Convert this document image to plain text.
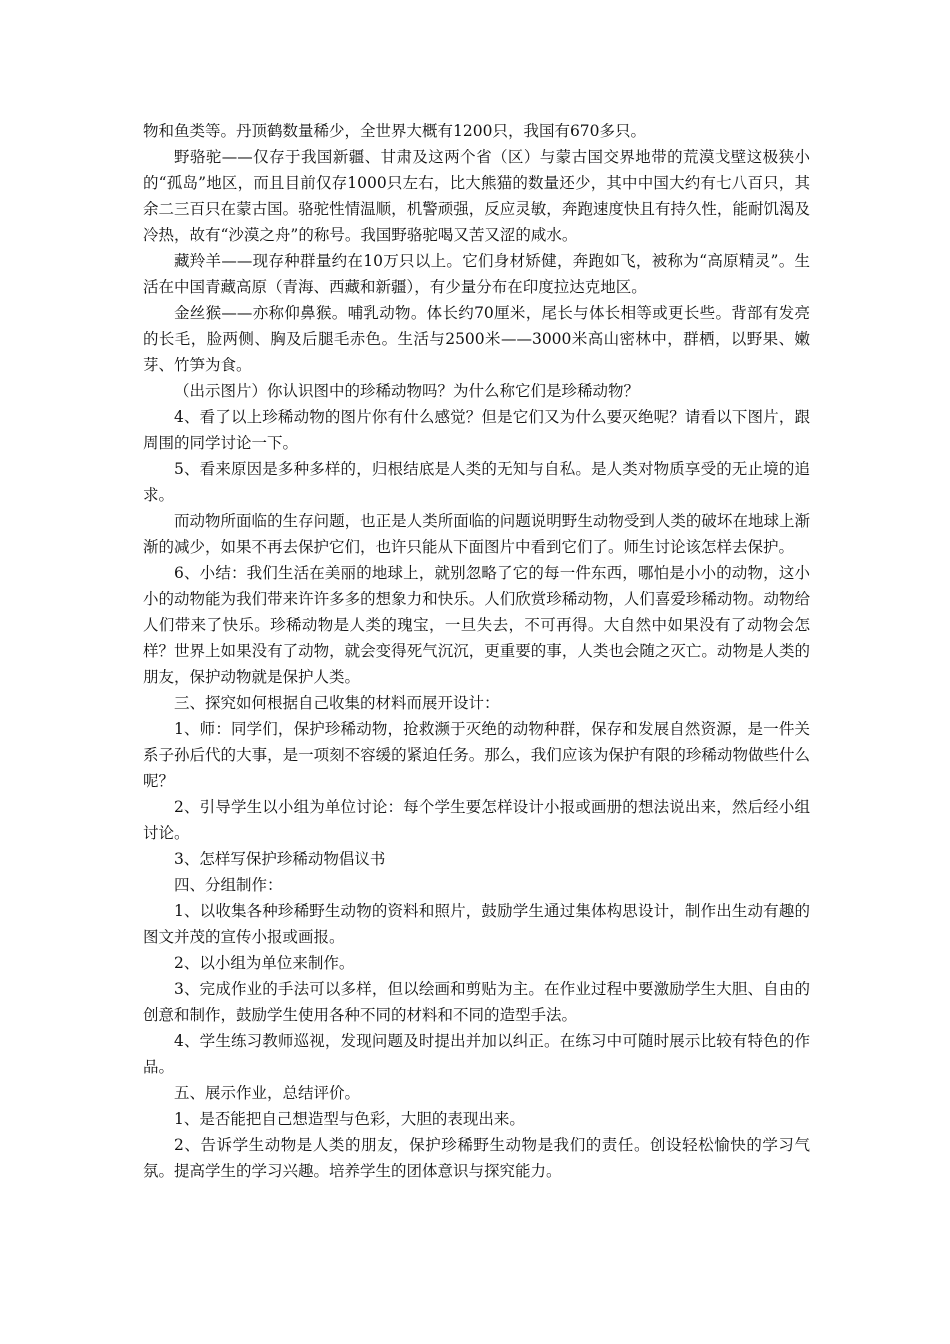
物和鱼类等。丹顶鹤数量稀少，全世界大概有1200只，我国有670多只。

野骆驼——仅存于我国新疆、甘肃及这两个省（区）与蒙古国交界地带的荒漠戈壁这极狭小的“孤岛”地区，而且目前仅存1000只左右，比大熊猫的数量还少，其中中国大约有七八百只，其余二三百只在蒙古国。骆驼性情温顺，机警顽强，反应灵敏，奔跑速度快且有持久性，能耐饥渴及冷热，故有“沙漠之舟”的称号。我国野骆驼喝又苦又涩的咸水。

藏羚羊——现存种群量约在10万只以上。它们身材矫健，奔跑如飞，被称为“高原精灵”。生活在中国青藏高原（青海、西藏和新疆），有少量分布在印度拉达克地区。

金丝猴——亦称仰鼻猴。哺乳动物。体长约70厘米，尾长与体长相等或更长些。背部有发亮的长毛，脸两侧、胸及后腿毛赤色。生活与2500米——3000米高山密林中，群栖，以野果、嫩芽、竹笋为食。

（出示图片）你认识图中的珍稀动物吗？为什么称它们是珍稀动物？

4、看了以上珍稀动物的图片你有什么感觉？但是它们又为什么要灭绝呢？请看以下图片，跟周围的同学讨论一下。

5、看来原因是多种多样的，归根结底是人类的无知与自私。是人类对物质享受的无止境的追求。

而动物所面临的生存问题，也正是人类所面临的问题说明野生动物受到人类的破坏在地球上渐渐的减少，如果不再去保护它们，也许只能从下面图片中看到它们了。师生讨论该怎样去保护。

6、小结：我们生活在美丽的地球上，就别忽略了它的每一件东西，哪怕是小小的动物，这小小的动物能为我们带来许许多多的想象力和快乐。人们欣赏珍稀动物，人们喜爱珍稀动物。动物给人们带来了快乐。珍稀动物是人类的瑰宝，一旦失去，不可再得。大自然中如果没有了动物会怎样？世界上如果没有了动物，就会变得死气沉沉，更重要的事，人类也会随之灭亡。动物是人类的朋友，保护动物就是保护人类。

三、探究如何根据自己收集的材料而展开设计：

1、师：同学们，保护珍稀动物，抢救濒于灭绝的动物种群，保存和发展自然资源，是一件关系子孙后代的大事，是一项刻不容缓的紧迫任务。那么，我们应该为保护有限的珍稀动物做些什么呢？

2、引导学生以小组为单位讨论：每个学生要怎样设计小报或画册的想法说出来，然后经小组讨论。

3、怎样写保护珍稀动物倡议书

四、分组制作：

1、以收集各种珍稀野生动物的资料和照片，鼓励学生通过集体构思设计，制作出生动有趣的图文并茂的宣传小报或画报。

2、以小组为单位来制作。

3、完成作业的手法可以多样，但以绘画和剪贴为主。在作业过程中要激励学生大胆、自由的创意和制作，鼓励学生使用各种不同的材料和不同的造型手法。

4、学生练习教师巡视，发现问题及时提出并加以纠正。在练习中可随时展示比较有特色的作品。

五、展示作业，总结评价。

1、是否能把自己想造型与色彩，大胆的表现出来。

2、告诉学生动物是人类的朋友，保护珍稀野生动物是我们的责任。创设轻松愉快的学习气氛。提高学生的学习兴趣。培养学生的团体意识与探究能力。
